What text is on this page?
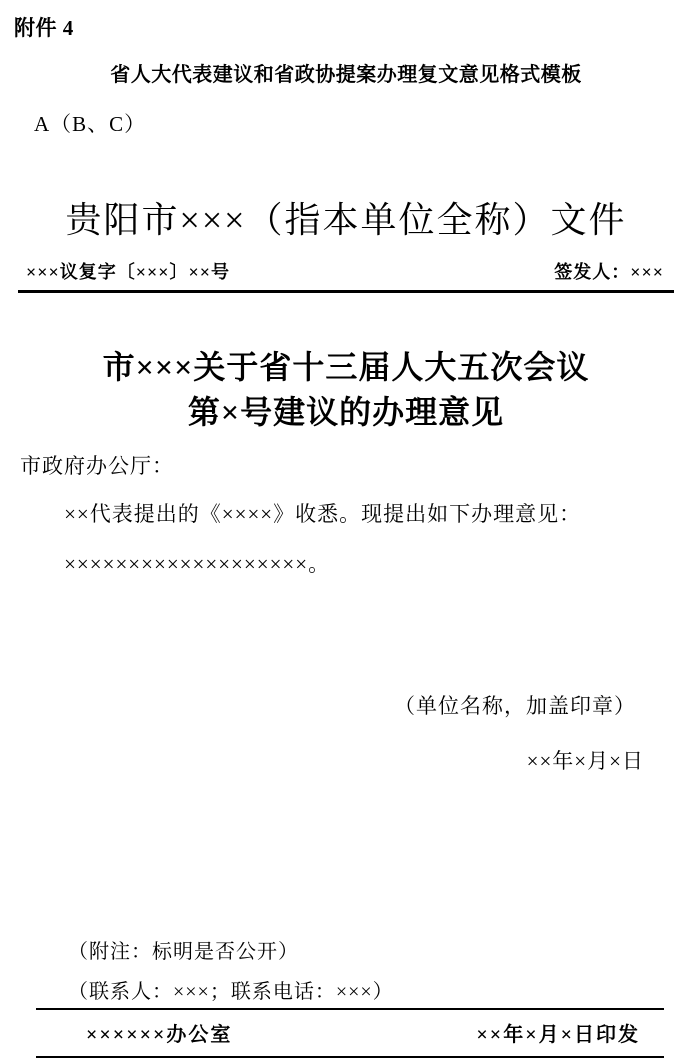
附件 4
省人大代表建议和省政协提案办理复文意见格式模板
A（B、C）
贵阳市×××（指本单位全称）文件
×××议复字〔×××〕××号	签发人：×××
市×××关于省十三届人大五次会议
第×号建议的办理意见
市政府办公厅：
××代表提出的《××××》收悉。现提出如下办理意见：
×××××××××××××××××××。
（单位名称，加盖印章）
××年×月×日
（附注：标明是否公开）
（联系人：×××；联系电话：×××）
××××××办公室	××年×月×日印发
